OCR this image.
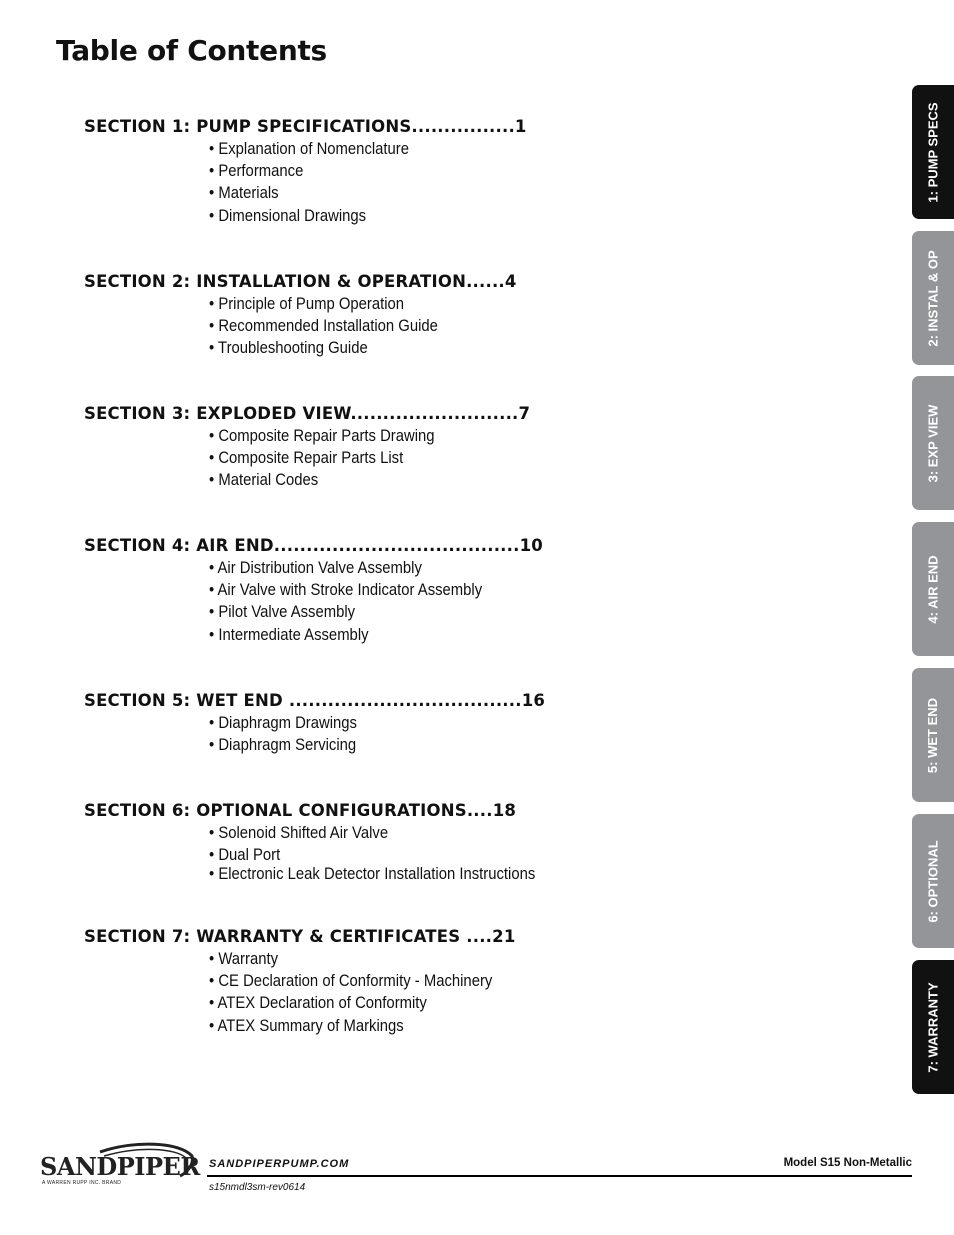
Table of Contents
SECTION 1: PUMP SPECIFICATIONS................1
• Explanation of Nomenclature
• Performance
• Materials
• Dimensional Drawings
SECTION 2: INSTALLATION & OPERATION......4
• Principle of Pump Operation
• Recommended Installation Guide
• Troubleshooting Guide
SECTION 3: EXPLODED VIEW..........................7
• Composite Repair Parts Drawing
• Composite Repair Parts List
• Material Codes
SECTION 4: AIR END......................................10
• Air Distribution Valve Assembly
• Air Valve with Stroke Indicator Assembly
• Pilot Valve Assembly
• Intermediate Assembly
SECTION 5: WET END ....................................16
• Diaphragm Drawings
• Diaphragm Servicing
SECTION 6: OPTIONAL CONFIGURATIONS....18
• Solenoid Shifted Air Valve
• Dual Port
• Electronic Leak Detector Installation Instructions
SECTION 7: WARRANTY & CERTIFICATES ....21
• Warranty
• CE Declaration of Conformity - Machinery
• ATEX Declaration of Conformity
• ATEX Summary of Markings
1: PUMP SPECS
2: INSTAL & OP
3: EXP VIEW
4: AIR END
5: WET END
6: OPTIONAL
7: WARRANTY
SANDPIPER
A WARREN RUPP INC. BRAND
SANDPIPERPUMP.COM	Model S15 Non-Metallic
s15nmdl3sm-rev0614
